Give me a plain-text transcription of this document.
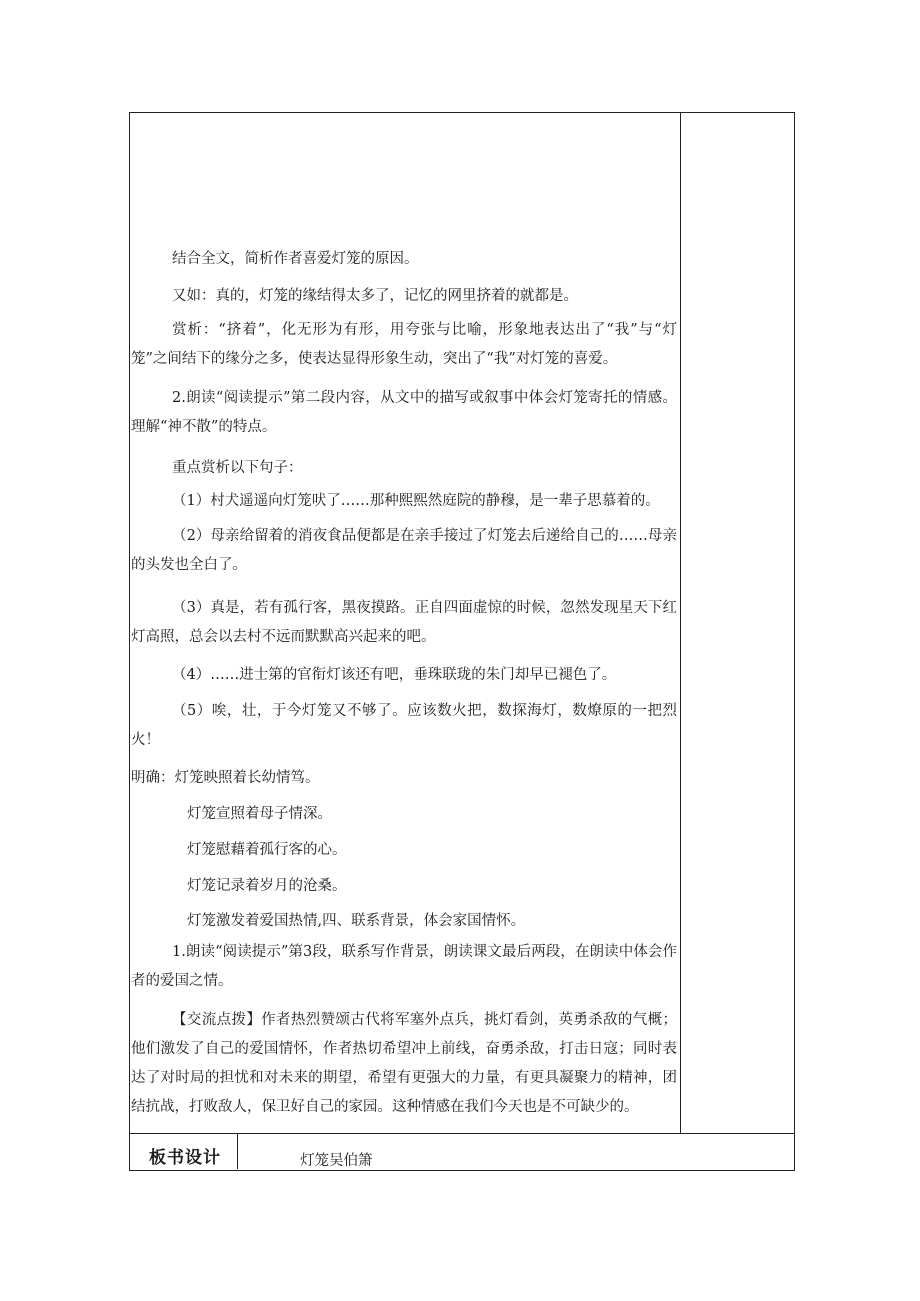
结合全文，简析作者喜爱灯笼的原因。
又如：真的，灯笼的缘结得太多了，记忆的网里挤着的就都是。
赏析：“挤着”，化无形为有形，用夸张与比喻，形象地表达出了“我”与“灯笼”之间结下的缘分之多，使表达显得形象生动，突出了“我”对灯笼的喜爱。
2.朗读“阅读提示”第二段内容，从文中的描写或叙事中体会灯笼寄托的情感。理解“神不散”的特点。
重点赏析以下句子：
（1）村犬遥遥向灯笼吠了……那种熙熙然庭院的静穆，是一辈子思慕着的。
（2）母亲给留着的消夜食品便都是在亲手接过了灯笼去后递给自己的……母亲的头发也全白了。
（3）真是，若有孤行客，黑夜摸路。正自四面虚惊的时候，忽然发现星天下红灯高照，总会以去村不远而默默高兴起来的吧。
（4）……进士第的官衔灯该还有吧，垂珠联珑的朱门却早已褪色了。
（5）唉，壮，于今灯笼又不够了。应该数火把，数探海灯，数燎原的一把烈火！
明确：灯笼映照着长幼情笃。
灯笼宣照着母子情深。
灯笼慰藉着孤行客的心。
灯笼记录着岁月的沧桑。
灯笼激发着爱国热情,四、联系背景，体会家国情怀。
1.朗读“阅读提示”第3段，联系写作背景，朗读课文最后两段，在朗读中体会作者的爱国之情。
【交流点拨】作者热烈赞颂古代将军塞外点兵，挑灯看剑，英勇杀敌的气概；他们激发了自己的爱国情怀，作者热切希望冲上前线，奋勇杀敌，打击日寇；同时表达了对时局的担忧和对未来的期望，希望有更强大的力量，有更具凝聚力的精神，团结抗战，打败敌人，保卫好自己的家园。这种情感在我们今天也是不可缺少的。
板书设计	灯笼吴伯箫
